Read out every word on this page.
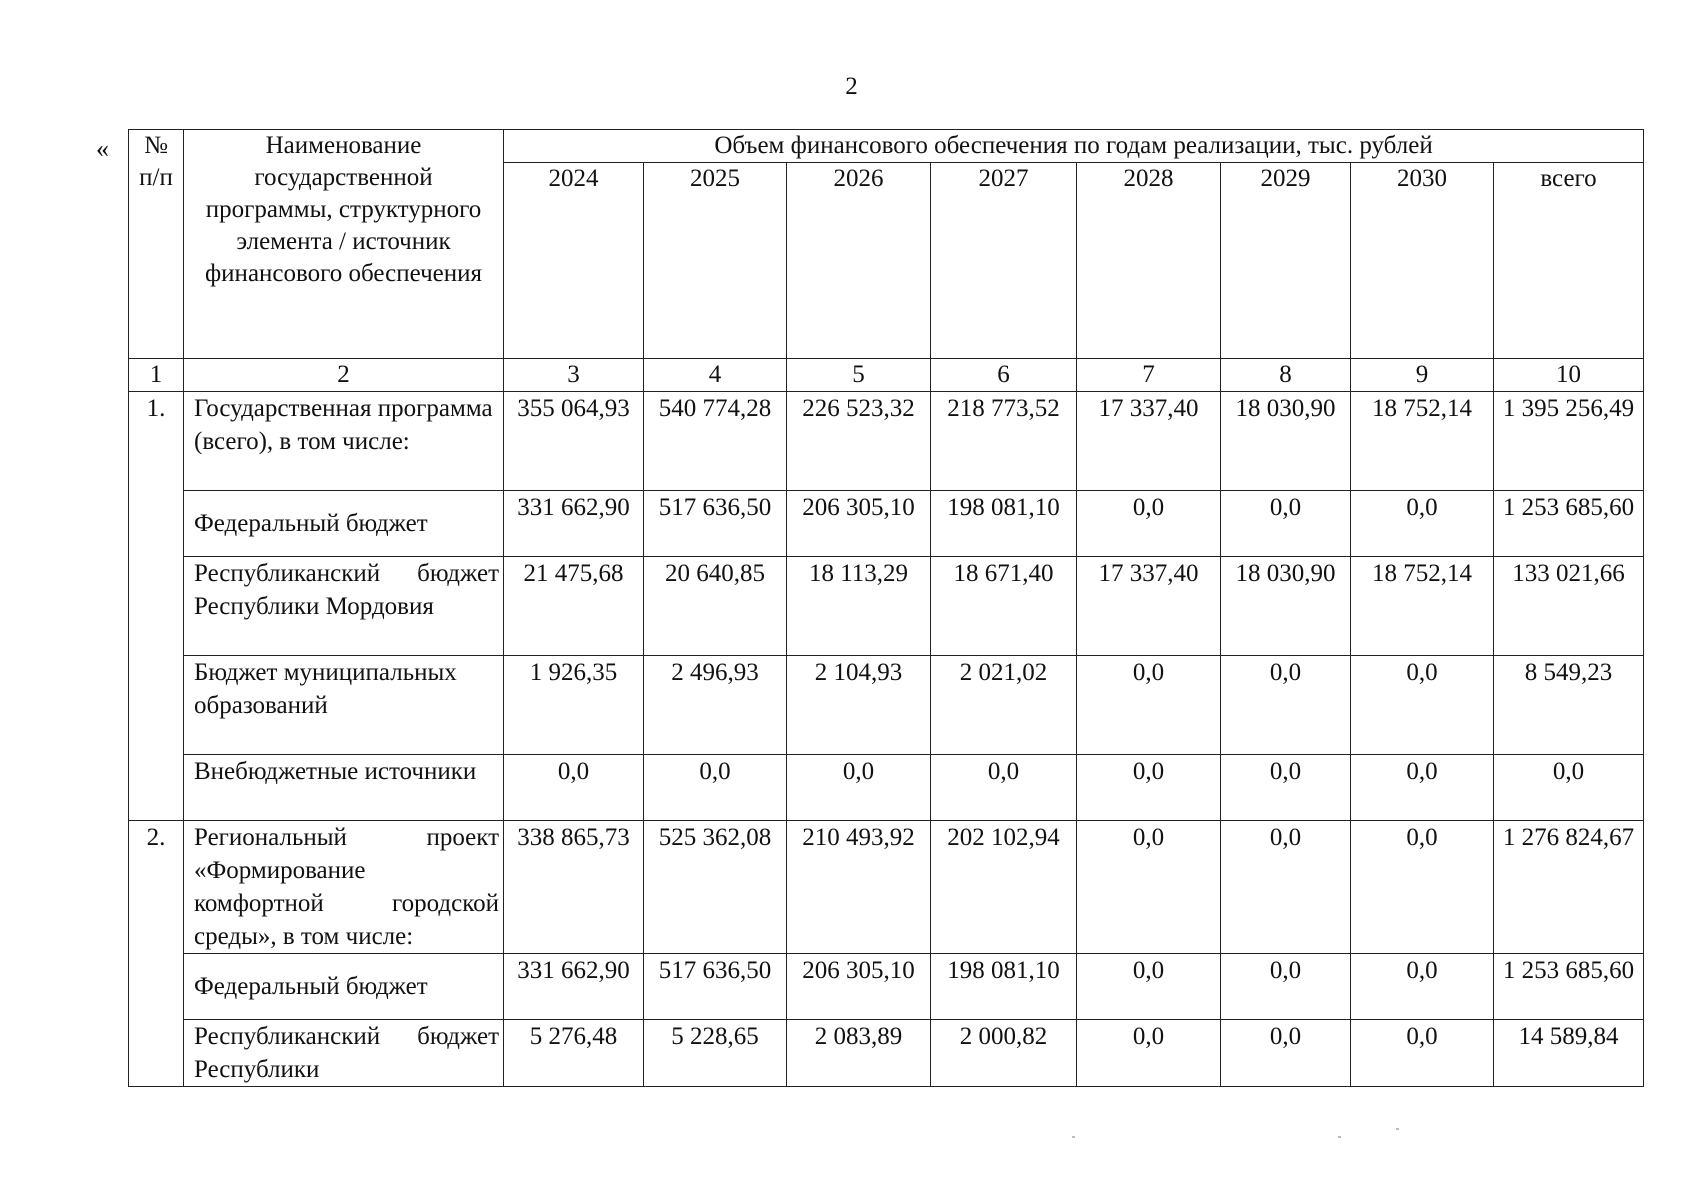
2
« № п/п	Наименование государственной программы, структурного элемента / источник финансового обеспечения	Объем финансового обеспечения по годам реализации, тыс. рублей							
		2024	2025	2026	2027	2028	2029	2030	всего
1	2	3	4	5	6	7	8	9	10
1.	Государственная программа (всего), в том числе:	355 064,93	540 774,28	226 523,32	218 773,52	17 337,40	18 030,90	18 752,14	1 395 256,49
	Федеральный бюджет	331 662,90	517 636,50	206 305,10	198 081,10	0,0	0,0	0,0	1 253 685,60
	Республиканский бюджет Республики Мордовия	21 475,68	20 640,85	18 113,29	18 671,40	17 337,40	18 030,90	18 752,14	133 021,66
	Бюджет муниципальных образований	1 926,35	2 496,93	2 104,93	2 021,02	0,0	0,0	0,0	8 549,23
	Внебюджетные источники	0,0	0,0	0,0	0,0	0,0	0,0	0,0	0,0
2.	Региональный проект «Формирование комфортной городской среды», в том числе:	338 865,73	525 362,08	210 493,92	202 102,94	0,0	0,0	0,0	1 276 824,67
	Федеральный бюджет	331 662,90	517 636,50	206 305,10	198 081,10	0,0	0,0	0,0	1 253 685,60
	Республиканский бюджет Республики	5 276,48	5 228,65	2 083,89	2 000,82	0,0	0,0	0,0	14 589,84
